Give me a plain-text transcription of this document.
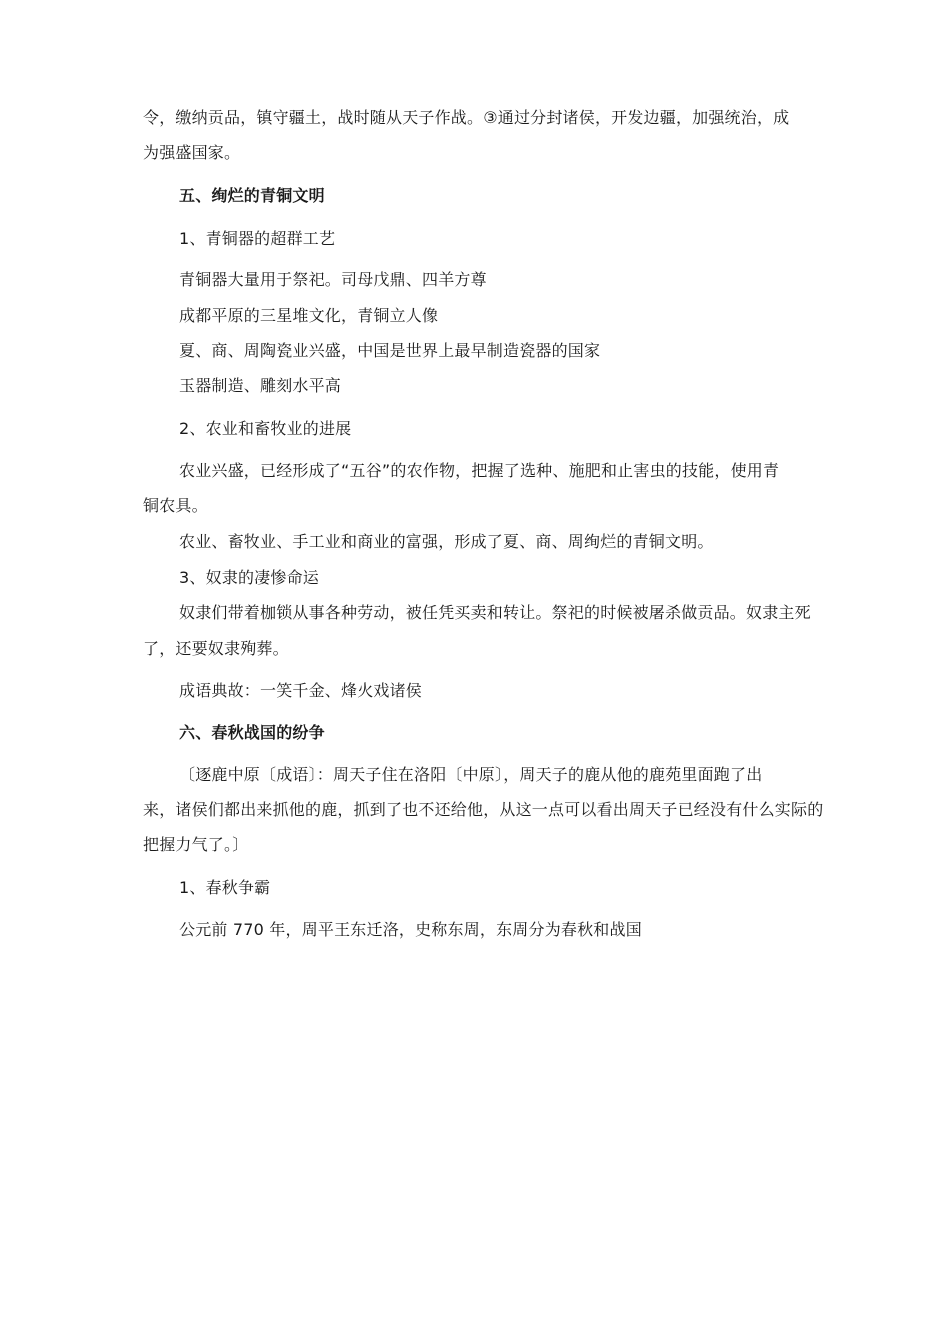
令，缴纳贡品，镇守疆土，战时随从天子作战。③通过分封诸侯，开发边疆，加强统治，成
为强盛国家。
五、绚烂的青铜文明
1、青铜器的超群工艺
青铜器大量用于祭祀。司母戊鼎、四羊方尊
成都平原的三星堆文化，青铜立人像
夏、商、周陶瓷业兴盛，中国是世界上最早制造瓷器的国家
玉器制造、雕刻水平高
2、农业和畜牧业的进展
农业兴盛，已经形成了“五谷”的农作物，把握了选种、施肥和止害虫的技能，使用青
铜农具。
农业、畜牧业、手工业和商业的富强，形成了夏、商、周绚烂的青铜文明。
3、奴隶的凄惨命运
奴隶们带着枷锁从事各种劳动，被任凭买卖和转让。祭祀的时候被屠杀做贡品。奴隶主死
了，还要奴隶殉葬。
成语典故：一笑千金、烽火戏诸侯
六、春秋战国的纷争
〔逐鹿中原〔成语〕：周天子住在洛阳〔中原〕，周天子的鹿从他的鹿苑里面跑了出
来，诸侯们都出来抓他的鹿，抓到了也不还给他，从这一点可以看出周天子已经没有什么实际的
把握力气了。〕
1、春秋争霸
公元前 770 年，周平王东迁洛，史称东周，东周分为春秋和战国
